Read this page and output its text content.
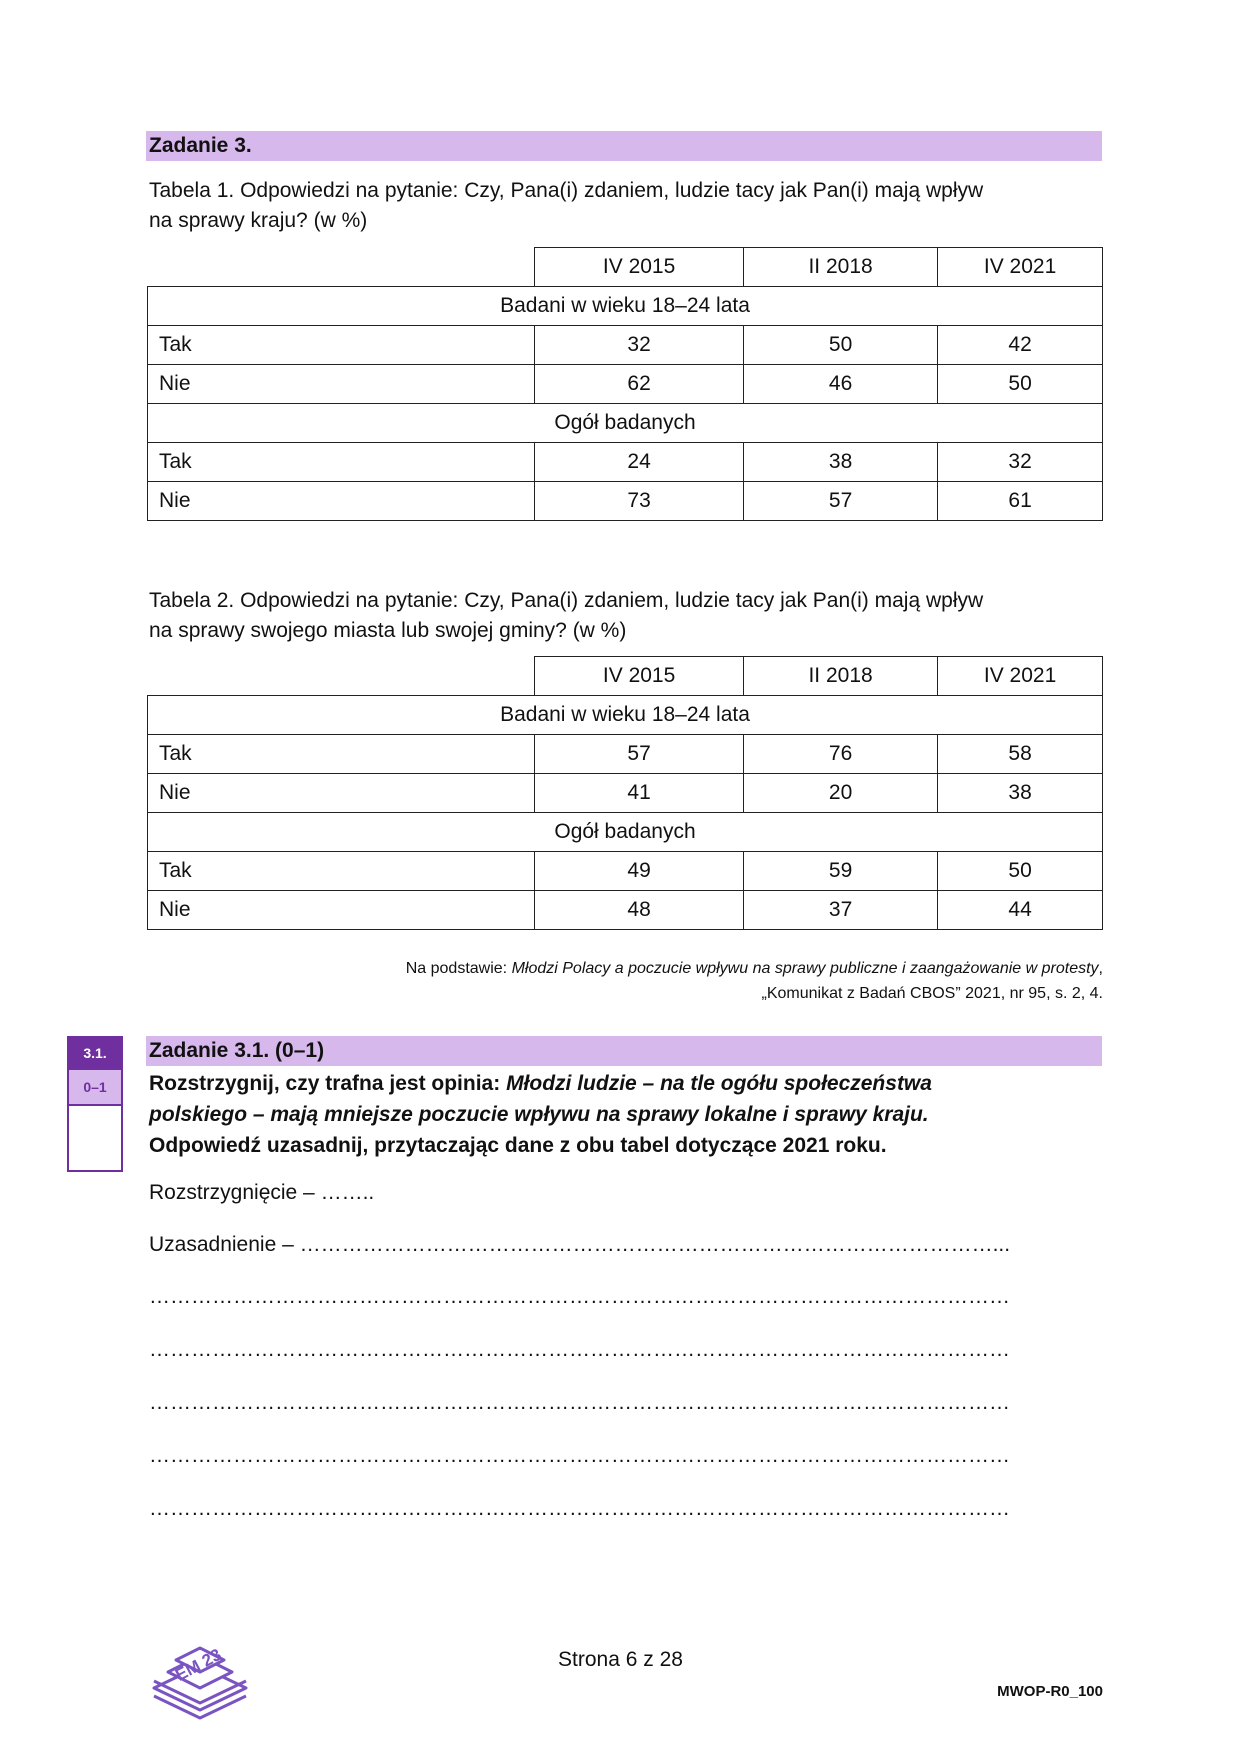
Zadanie 3.
Tabela 1. Odpowiedzi na pytanie: Czy, Pana(i) zdaniem, ludzie tacy jak Pan(i) mają wpływ
na sprawy kraju? (w %)
	IV 2015	II 2018	IV 2021
Badani w wieku 18–24 lata			
Tak	32	50	42
Nie	62	46	50
Ogół badanych			
Tak	24	38	32
Nie	73	57	61
Tabela 2. Odpowiedzi na pytanie: Czy, Pana(i) zdaniem, ludzie tacy jak Pan(i) mają wpływ
na sprawy swojego miasta lub swojej gminy? (w %)
	IV 2015	II 2018	IV 2021
Badani w wieku 18–24 lata			
Tak	57	76	58
Nie	41	20	38
Ogół badanych			
Tak	49	59	50
Nie	48	37	44
Na podstawie: Młodzi Polacy a poczucie wpływu na sprawy publiczne i zaangażowanie w protesty,
„Komunikat z Badań CBOS” 2021, nr 95, s. 2, 4.
3.1.
0–1
Zadanie 3.1. (0–1)
Rozstrzygnij, czy trafna jest opinia: Młodzi ludzie – na tle ogółu społeczeństwa
polskiego – mają mniejsze poczucie wpływu na sprawy lokalne i sprawy kraju.
Odpowiedź uzasadnij, przytaczając dane z obu tabel dotyczące 2021 roku.
Rozstrzygnięcie – ……..
Uzasadnienie – ………………………………………………………………………………………...
……………………………………………………………………………………………………………
……………………………………………………………………………………………………………
……………………………………………………………………………………………………………
……………………………………………………………………………………………………………
……………………………………………………………………………………………………………
EM 23	Strona 6 z 28
MWOP-R0_100
